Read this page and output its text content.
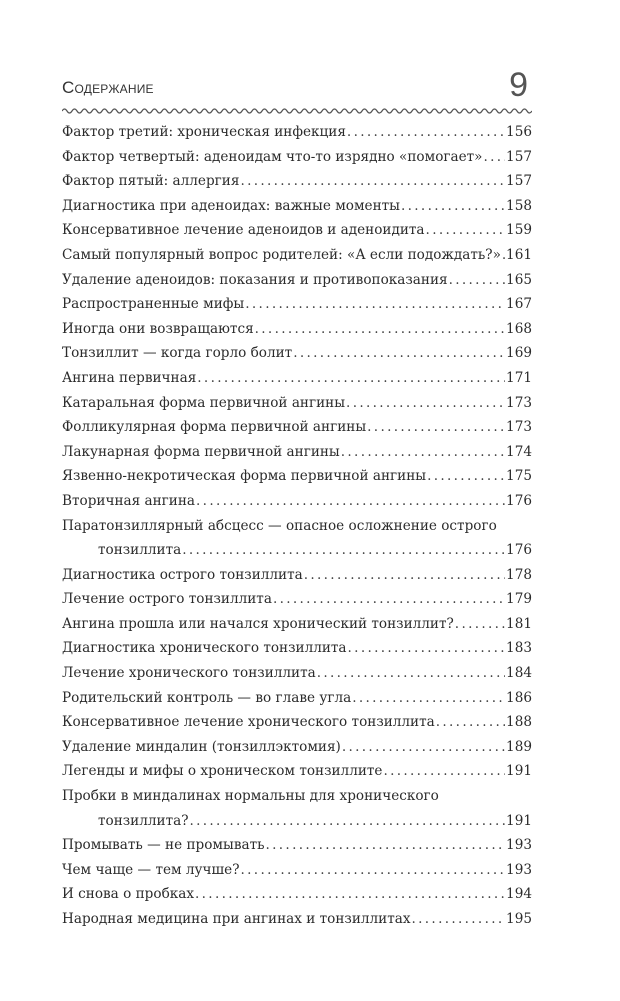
Содержание	9
Фактор третий: хроническая инфекция . . .	156
Фактор четвертый: аденоидам что-то изрядно «помогает» . . . 157
Фактор пятый: аллергия . . .	157
Диагностика при аденоидах: важные моменты . . .	158
Консервативное лечение аденоидов и аденоидита . . .	159
Самый популярный вопрос родителей: «А если подождать?» . . . 161
Удаление аденоидов: показания и противопоказания . . .	165
Распространенные мифы . . .	167
Иногда они возвращаются . . .	168
Тонзиллит — когда горло болит . . .	169
Ангина первичная . . .	171
Катаральная форма первичной ангины . . .	173
Фолликулярная форма первичной ангины . . .	173
Лакунарная форма первичной ангины . . .	174
Язвенно-некротическая форма первичной ангины . . .	175
Вторичная ангина . . .	176
Паратонзиллярный абсцесс — опасное осложнение острого
тонзиллита . . .	176
Диагностика острого тонзиллита . . .	178
Лечение острого тонзиллита . . .	179
Ангина прошла или начался хронический тонзиллит? . . .	181
Диагностика хронического тонзиллита . . .	183
Лечение хронического тонзиллита . . .	184
Родительский контроль — во главе угла . . .	186
Консервативное лечение хронического тонзиллита . . .	188
Удаление миндалин (тонзиллэктомия) . . .	189
Легенды и мифы о хроническом тонзиллите . . .	191
Пробки в миндалинах нормальны для хронического
тонзиллита? . . .	191
Промывать — не промывать . . .	193
Чем чаще — тем лучше? . . .	193
И снова о пробках . . .	194
Народная медицина при ангинах и тонзиллитах . . .	195
